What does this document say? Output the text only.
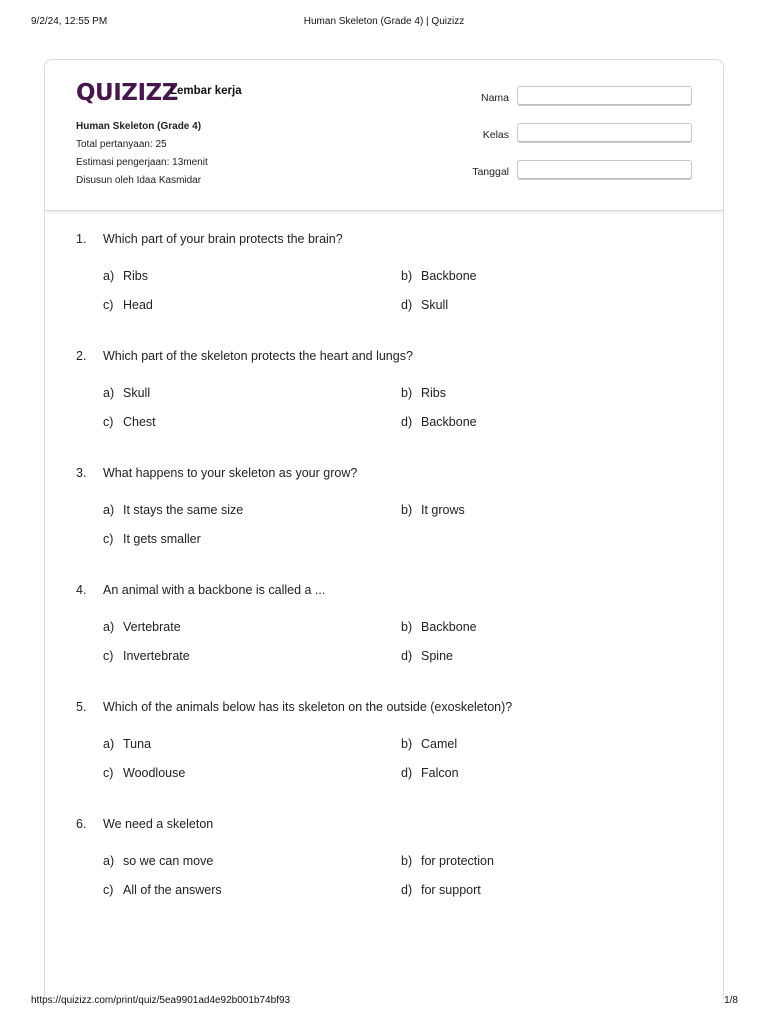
9/2/24, 12:55 PM	Human Skeleton (Grade 4) | Quizizz
QUIZIZZ
Lembar kerja
Human Skeleton (Grade 4)
Total pertanyaan: 25
Estimasi pengerjaan: 13menit
Disusun oleh Idaa Kasmidar
Nama
Kelas
Tanggal
1. Which part of your brain protects the brain?
a) Ribs	b) Backbone
c) Head	d) Skull
2. Which part of the skeleton protects the heart and lungs?
a) Skull	b) Ribs
c) Chest	d) Backbone
3. What happens to your skeleton as your grow?
a) It stays the same size	b) It grows
c) It gets smaller
4. An animal with a backbone is called a ...
a) Vertebrate	b) Backbone
c) Invertebrate	d) Spine
5. Which of the animals below has its skeleton on the outside (exoskeleton)?
a) Tuna	b) Camel
c) Woodlouse	d) Falcon
6. We need a skeleton
a) so we can move	b) for protection
c) All of the answers	d) for support
https://quizizz.com/print/quiz/5ea9901ad4e92b001b74bf93	1/8
